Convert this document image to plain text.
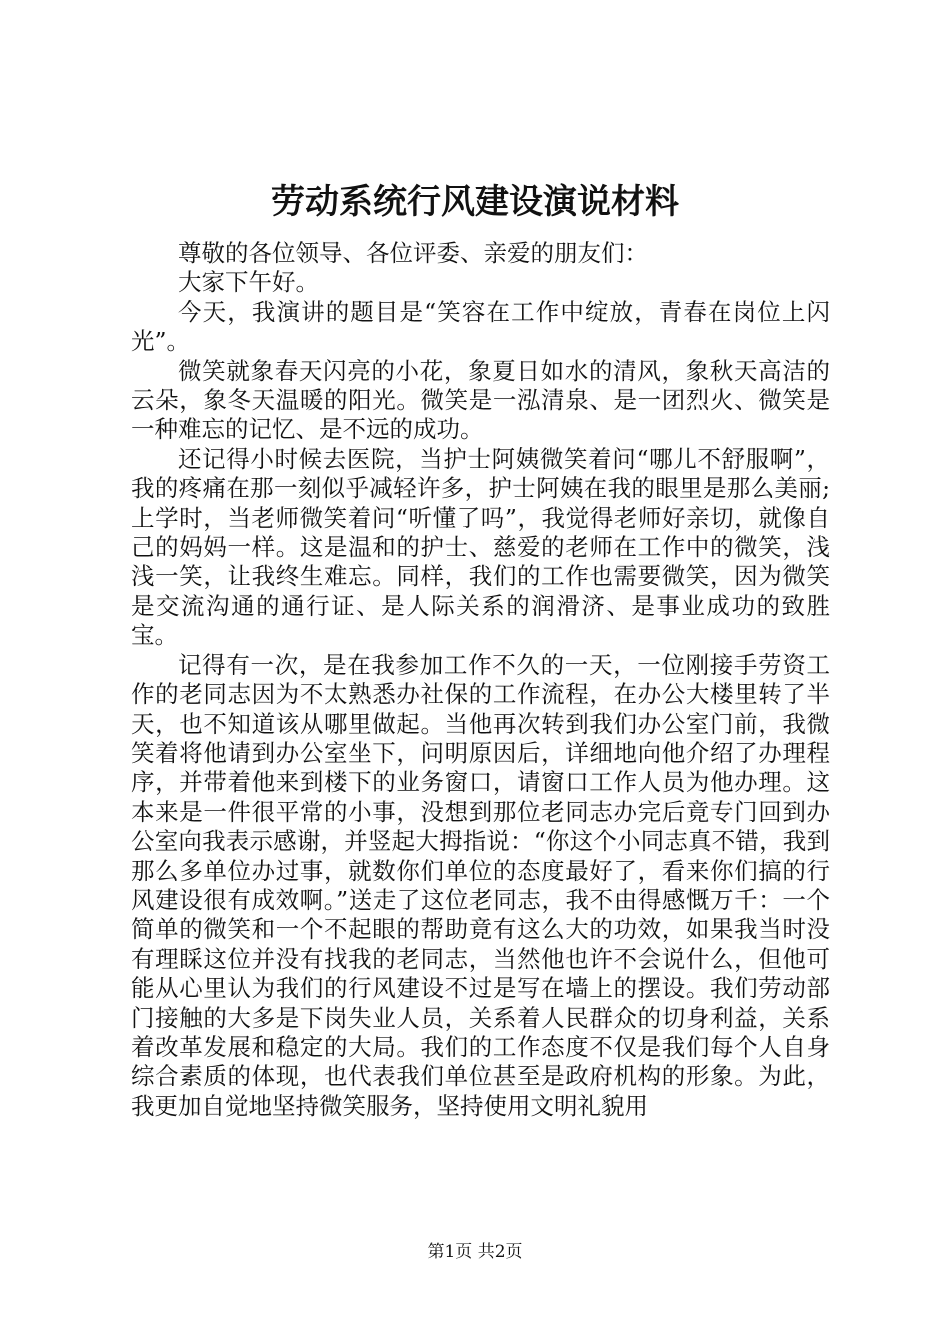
劳动系统行风建设演说材料

尊敬的各位领导、各位评委、亲爱的朋友们：

大家下午好。

今天，我演讲的题目是“笑容在工作中绽放，青春在岗位上闪光”。

微笑就象春天闪亮的小花，象夏日如水的清风，象秋天高洁的云朵，象冬天温暖的阳光。微笑是一泓清泉、是一团烈火、微笑是一种难忘的记忆、是不远的成功。

还记得小时候去医院，当护士阿姨微笑着问“哪儿不舒服啊”，我的疼痛在那一刻似乎减轻许多，护士阿姨在我的眼里是那么美丽;上学时，当老师微笑着问“听懂了吗”，我觉得老师好亲切，就像自己的妈妈一样。这是温和的护士、慈爱的老师在工作中的微笑，浅浅一笑，让我终生难忘。同样，我们的工作也需要微笑，因为微笑是交流沟通的通行证、是人际关系的润滑济、是事业成功的致胜宝。

记得有一次，是在我参加工作不久的一天，一位刚接手劳资工作的老同志因为不太熟悉办社保的工作流程，在办公大楼里转了半天，也不知道该从哪里做起。当他再次转到我们办公室门前，我微笑着将他请到办公室坐下，问明原因后，详细地向他介绍了办理程序，并带着他来到楼下的业务窗口，请窗口工作人员为他办理。这本来是一件很平常的小事，没想到那位老同志办完后竟专门回到办公室向我表示感谢，并竖起大拇指说：“你这个小同志真不错，我到那么多单位办过事，就数你们单位的态度最好了，看来你们搞的行风建设很有成效啊。”送走了这位老同志，我不由得感慨万千：一个简单的微笑和一个不起眼的帮助竟有这么大的功效，如果我当时没有理睬这位并没有找我的老同志，当然他也许不会说什么，但他可能从心里认为我们的行风建设不过是写在墙上的摆设。我们劳动部门接触的大多是下岗失业人员，关系着人民群众的切身利益，关系着改革发展和稳定的大局。我们的工作态度不仅是我们每个人自身综合素质的体现，也代表我们单位甚至是政府机构的形象。为此，我更加自觉地坚持微笑服务，坚持使用文明礼貌用

第1页 共2页
